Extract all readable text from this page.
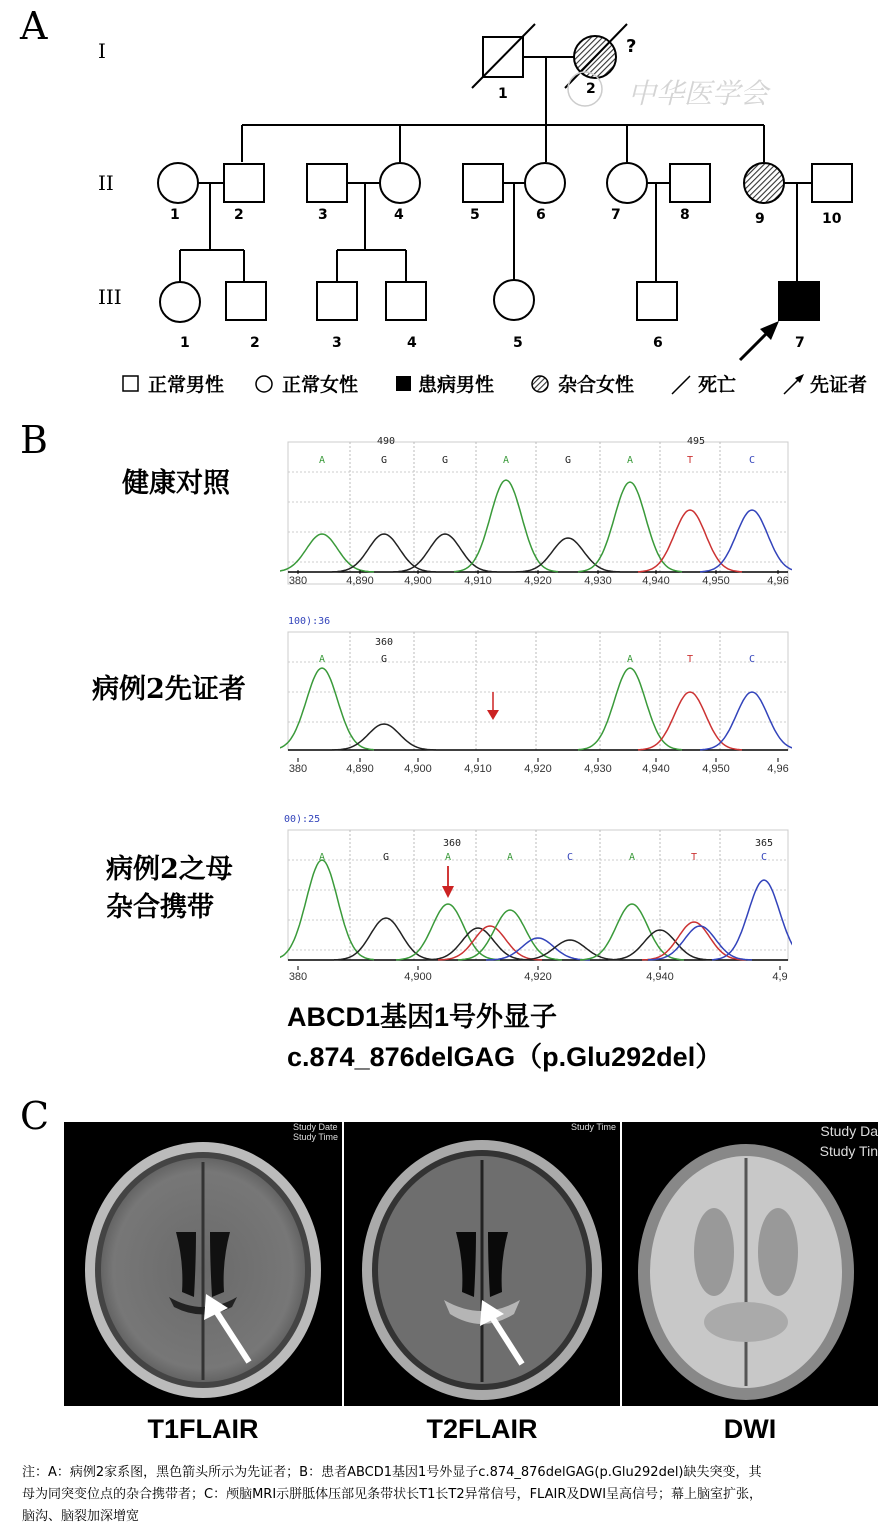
A
I
II
III
?
1	2 中华医学会
1	2	3	4	5	6	7	8	9	10
1	2	3	4	5	6	7
正常男性	正常女性	患病男性	杂合女性	死亡	先证者
B
健康对照
病例2先证者
病例2之母
杂合携带
A	G	G	A	G	A	T	C
490	495
380	4,890	4,900	4,910	4,920	4,930	4,940	4,950	4,96
100):36
A	G	A	T	C
360
380	4,890	4,900	4,910	4,920	4,930	4,940	4,950	4,96
00):25
A	G	A	A	C	A	T	C
360	365
380	4,900	4,920	4,940	4,9
ABCD1基因1号外显子
c.874_876delGAG（p.Glu292del）
C	Study Date
Study Time
Study Time	Study Da
Study Tin
T1FLAIR	T2FLAIR	DWI
注：A：病例2家系图，黑色箭头所示为先证者；B：患者ABCD1基因1号外显子c.874_876delGAG(p.Glu292del)缺失突变，其
母为同突变位点的杂合携带者；C：颅脑MRI示胼胝体压部见条带状长T1长T2异常信号，FLAIR及DWI呈高信号；幕上脑室扩张，
脑沟、脑裂加深增宽
